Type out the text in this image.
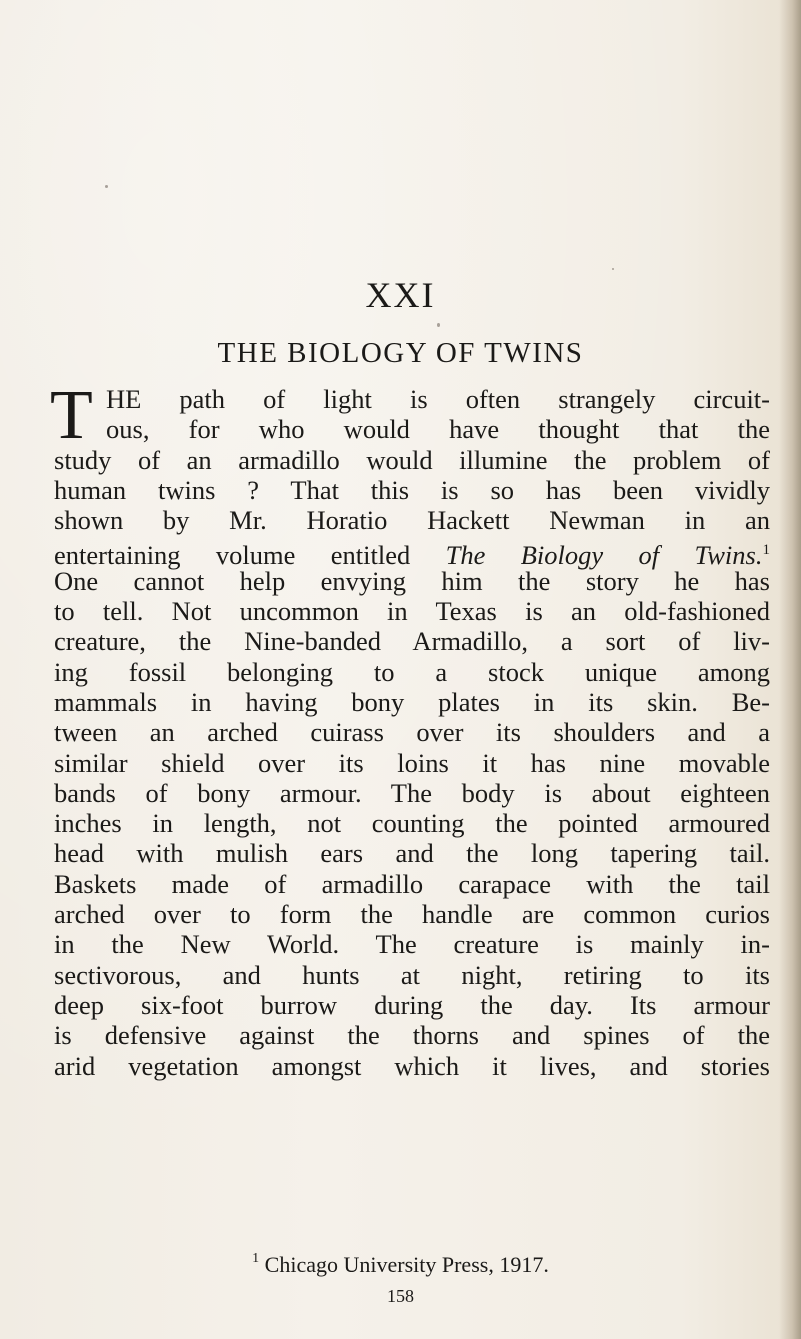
XXI
THE BIOLOGY OF TWINS
T HE path of light is often strangely circuit-
ous, for who would have thought that the
study of an armadillo would illumine the problem of
human twins ? That this is so has been vividly
shown by Mr. Horatio Hackett Newman in an
entertaining volume entitled The Biology of Twins.$^1$
One cannot help envying him the story he has
to tell. Not uncommon in Texas is an old-fashioned
creature, the Nine-banded Armadillo, a sort of liv-
ing fossil belonging to a stock unique among
mammals in having bony plates in its skin. Be-
tween an arched cuirass over its shoulders and a
similar shield over its loins it has nine movable
bands of bony armour. The body is about eighteen
inches in length, not counting the pointed armoured
head with mulish ears and the long tapering tail.
Baskets made of armadillo carapace with the tail
arched over to form the handle are common curios
in the New World. The creature is mainly in-
sectivorous, and hunts at night, retiring to its
deep six-foot burrow during the day. Its armour
is defensive against the thorns and spines of the
arid vegetation amongst which it lives, and stories
$^1$ Chicago University Press, 1917.
158
